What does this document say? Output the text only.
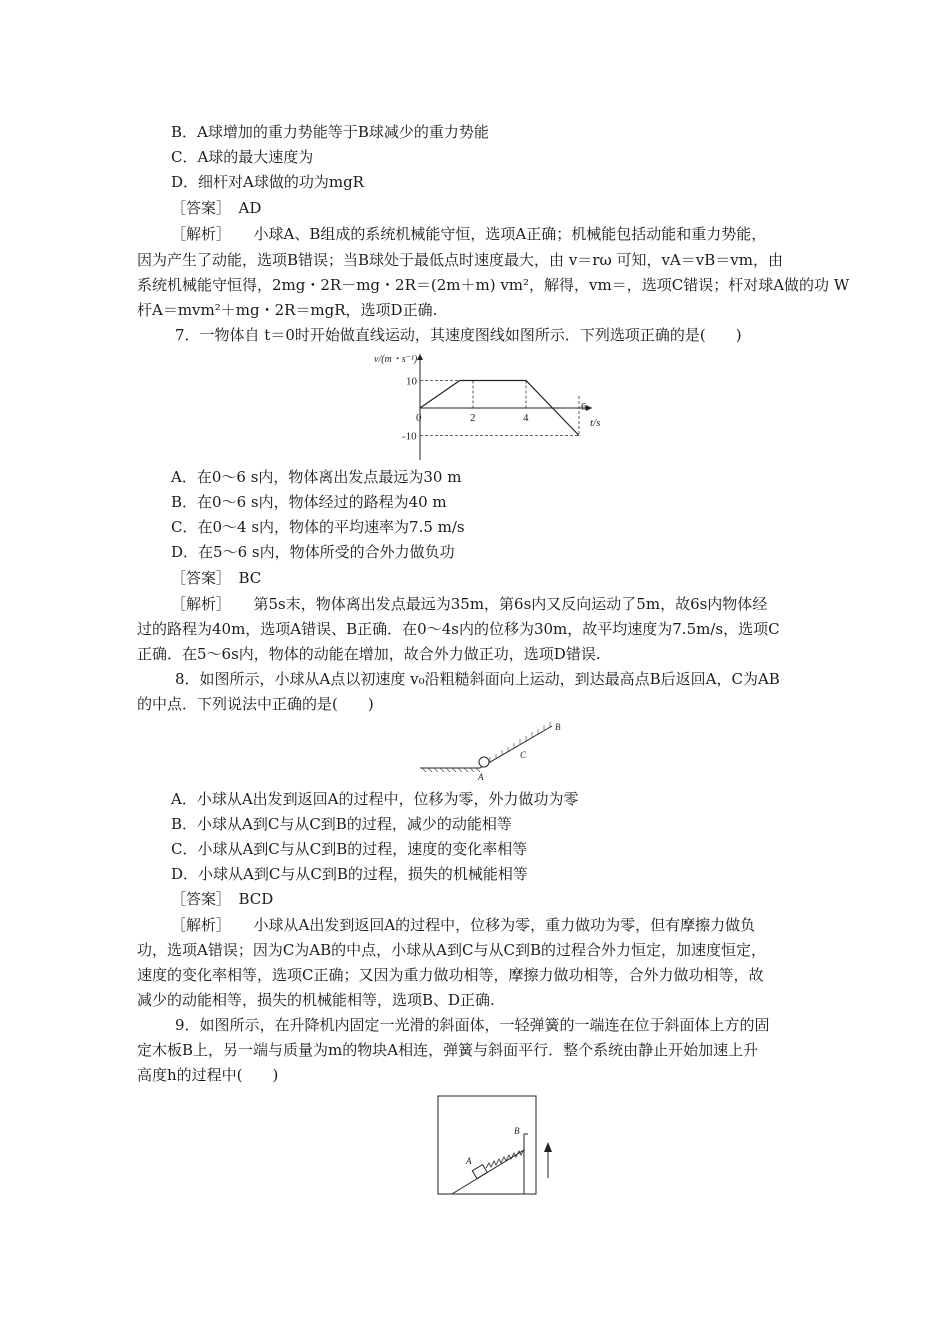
B．A球增加的重力势能等于B球减少的重力势能
C．A球的最大速度为
D．细杆对A球做的功为mgR
［答案］　AD
［解析］　　小球A、B组成的系统机械能守恒，选项A正确；机械能包括动能和重力势能，
因为产生了动能，选项B错误；当B球处于最低点时速度最大，由 v＝rω 可知，vA＝vB＝vm，由
系统机械能守恒得，2mg・2R－mg・2R＝(2m＋m) vm²，解得，vm＝，选项C错误；杆对球A做的功 W
杆A＝mvm²＋mg・2R＝mgR，选项D正确.
7．一物体自 t＝0时开始做直线运动，其速度图线如图所示．下列选项正确的是(　　)
0	2	4
6
10
-10
v/(m・s⁻¹)
t/s
A．在0～6 s内，物体离出发点最远为30 m
B．在0～6 s内，物体经过的路程为40 m
C．在0～4 s内，物体的平均速率为7.5 m/s
D．在5～6 s内，物体所受的合外力做负功
［答案］　BC
［解析］　　第5s末，物体离出发点最远为35m，第6s内又反向运动了5m，故6s内物体经
过的路程为40m，选项A错误、B正确．在0～4s内的位移为30m，故平均速度为7.5m/s，选项C
正确．在5～6s内，物体的动能在增加，故合外力做正功，选项D错误.
8．如图所示，小球从A点以初速度 v₀沿粗糙斜面向上运动，到达最高点B后返回A，C为AB
的中点．下列说法中正确的是(　　)
A
C
B
A．小球从A出发到返回A的过程中，位移为零，外力做功为零
B．小球从A到C与从C到B的过程，减少的动能相等
C．小球从A到C与从C到B的过程，速度的变化率相等
D．小球从A到C与从C到B的过程，损失的机械能相等
［答案］　BCD
［解析］　　小球从A出发到返回A的过程中，位移为零，重力做功为零，但有摩擦力做负
功，选项A错误；因为C为AB的中点，小球从A到C与从C到B的过程合外力恒定，加速度恒定，
速度的变化率相等，选项C正确；又因为重力做功相等，摩擦力做功相等，合外力做功相等，故
减少的动能相等，损失的机械能相等，选项B、D正确.
9．如图所示，在升降机内固定一光滑的斜面体，一轻弹簧的一端连在位于斜面体上方的固
定木板B上，另一端与质量为m的物块A相连，弹簧与斜面平行．整个系统由静止开始加速上升
高度h的过程中(　　)
A
B
